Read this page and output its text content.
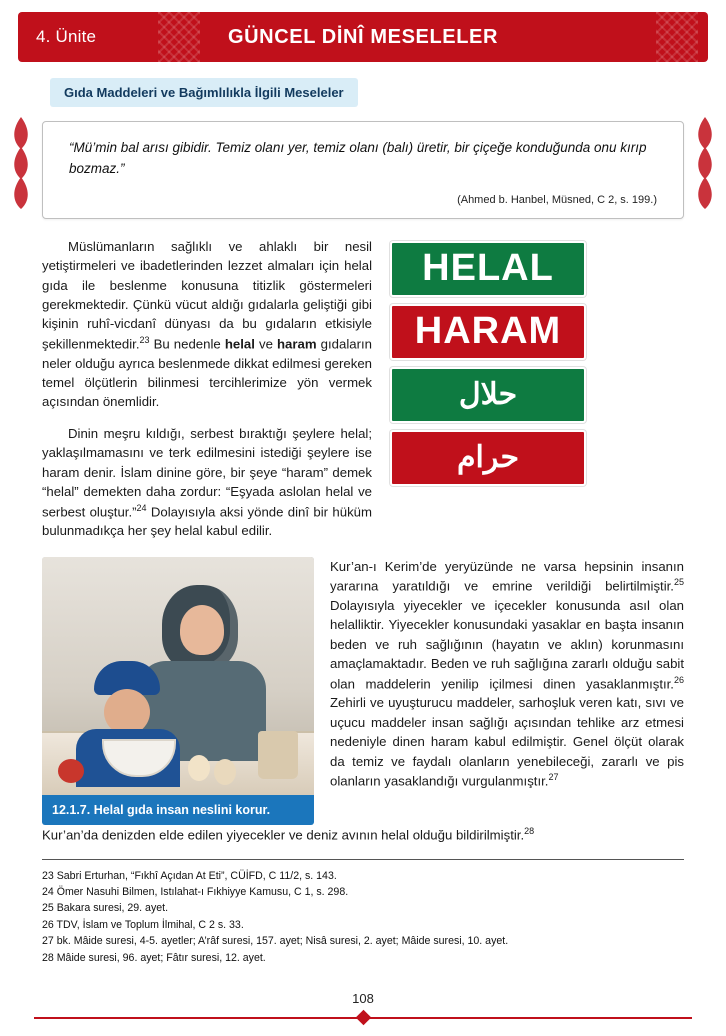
4. Ünite	GÜNCEL DİNÎ MESELELER
Gıda Maddeleri ve Bağımlılıkla İlgili Meseleler
“Mü’min bal arısı gibidir. Temiz olanı yer, temiz olanı (balı) üretir, bir çiçeğe konduğunda onu kırıp bozmaz.”
(Ahmed b. Hanbel, Müsned, C 2, s. 199.)

Müslümanların sağlıklı ve ahlaklı bir nesil yetiştirmeleri ve ibadetlerinden lezzet almaları için helal gıda ile beslenme konusuna titizlik göstermeleri gerekmektedir. Çünkü vücut aldığı gıdalarla geliştiği gibi kişinin ruhî-vicdanî dünyası da bu gıdaların etkisiyle şekillenmektedir.$^{23}$ Bu nedenle helal ve haram gıdaların neler olduğu ayrıca beslenmede dikkat edilmesi gereken temel ölçütlerin bilinmesi tercihlerimize yön vermek açısından önemlidir.

Dinin meşru kıldığı, serbest bıraktığı şeylere helal; yaklaşılmamasını ve terk edilmesini istediği şeylere ise haram denir. İslam dinine göre, bir şeye “haram” demek “helal” demekten daha zordur: “Eşyada aslolan helal ve serbest oluştur.”$^{24}$ Dolayısıyla aksi yönde dinî bir hüküm bulunmadıkça her şey helal kabul edilir.

HELAL
HARAM
حلال
حرام
12.1.7. Helal gıda insan neslini korur.
Kur’an-ı Kerim’de yeryüzünde ne varsa hepsinin insanın yararına yaratıldığı ve emrine verildiği belirtilmiştir.$^{25}$ Dolayısıyla yiyecekler ve içecekler konusunda asıl olan helalliktir. Yiyecekler konusundaki yasaklar en başta insanın beden ve ruh sağlığının (hayatın ve aklın) korunmasını amaçlamaktadır. Beden ve ruh sağlığına zararlı olduğu sabit olan maddelerin yenilip içilmesi dinen yasaklanmıştır.$^{26}$ Zehirli ve uyuşturucu maddeler, sarhoşluk veren katı, sıvı ve uçucu maddeler insan sağlığı açısından tehlike arz etmesi nedeniyle dinen haram kabul edilmiştir. Genel ölçüt olarak da temiz ve faydalı olanların yenebileceği, zararlı ve pis olanların yasaklandığı vurgulanmıştır.$^{27}$
Kur’an’da denizden elde edilen yiyecekler ve deniz avının helal olduğu bildirilmiştir.$^{28}$
23 Sabri Erturhan, “Fıkhî Açıdan At Eti”, CÜİFD, C 11/2, s. 143.
24 Ömer Nasuhi Bilmen, Istılahat-ı Fıkhiyye Kamusu, C 1, s. 298.
25 Bakara suresi, 29. ayet.
26 TDV, İslam ve Toplum İlmihal, C 2 s. 33.
27 bk. Mâide suresi, 4-5. ayetler; A’râf suresi, 157. ayet; Nisâ suresi, 2. ayet; Mâide suresi, 10. ayet.
28 Mâide suresi, 96. ayet; Fâtır suresi, 12. ayet.
108
